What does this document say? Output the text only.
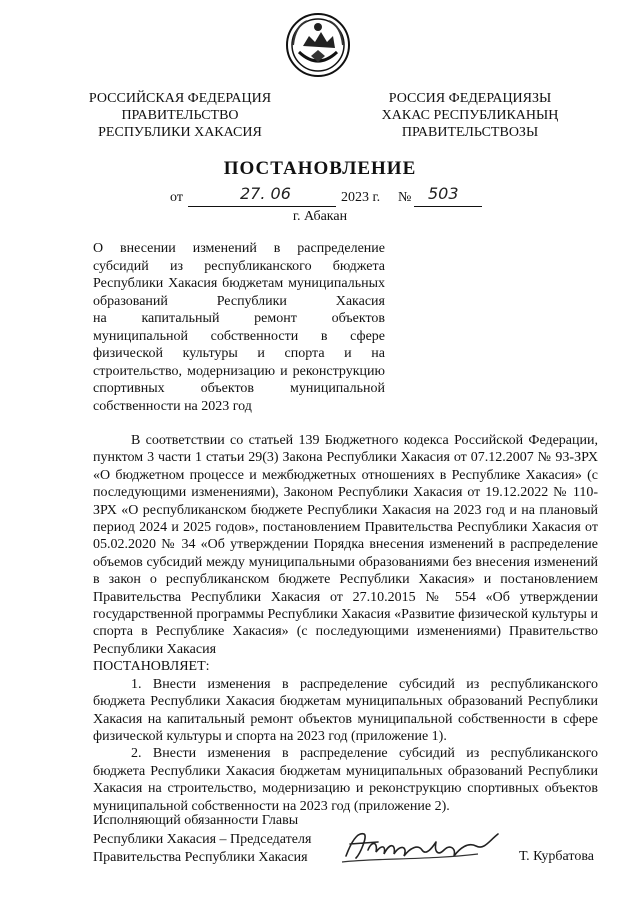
РОССИЙСКАЯ ФЕДЕРАЦИЯ
ПРАВИТЕЛЬСТВО
РЕСПУБЛИКИ ХАКАСИЯ
РОССИЯ ФЕДЕРАЦИЯЗЫ
ХАКАС РЕСПУБЛИКАНЫҢ
ПРАВИТЕЛЬСТВОЗЫ
ПОСТАНОВЛЕНИЕ
от	27. 06	2023 г. № 503
г. Абакан
О внесении изменений в распределение
субсидий из республиканского бюджета
Республики Хакасия бюджетам муниципальных
образований Республики Хакасия
на капитальный ремонт объектов
муниципальной собственности в сфере
физической культуры и спорта и на
строительство, модернизацию и реконструкцию
спортивных объектов муниципальной
собственности на 2023 год

В соответствии со статьей 139 Бюджетного кодекса Российской Федерации, пунктом 3 части 1 статьи 29(3) Закона Республики Хакасия от 07.12.2007 № 93-ЗРХ «О бюджетном процессе и межбюджетных отношениях в Республике Хакасия» (с последующими изменениями), Законом Республики Хакасия от 19.12.2022 № 110-ЗРХ «О республиканском бюджете Республики Хакасия на 2023 год и на плановый период 2024 и 2025 годов», постановлением Правительства Республики Хакасия от 05.02.2020 № 34 «Об утверждении Порядка внесения изменений в распределение объемов субсидий между муниципальными образованиями без внесения изменений в закон о республиканском бюджете Республики Хакасия» и постановлением Правительства Республики Хакасия от 27.10.2015 № 554 «Об утверждении государственной программы Республики Хакасия «Развитие физической культуры и спорта в Республике Хакасия» (с последующими изменениями) Правительство Республики Хакасия

ПОСТАНОВЛЯЕТ:

1. Внести изменения в распределение субсидий из республиканского бюджета Республики Хакасия бюджетам муниципальных образований Республики Хакасия на капитальный ремонт объектов муниципальной собственности в сфере физической культуры и спорта на 2023 год (приложение 1).

2. Внести изменения в распределение субсидий из республиканского бюджета Республики Хакасия бюджетам муниципальных образований Республики Хакасия на строительство, модернизацию и реконструкцию спортивных объектов муниципальной собственности на 2023 год (приложение 2).

Исполняющий обязанности Главы
Республики Хакасия – Председателя
Правительства Республики Хакасия	Т. Курбатова
